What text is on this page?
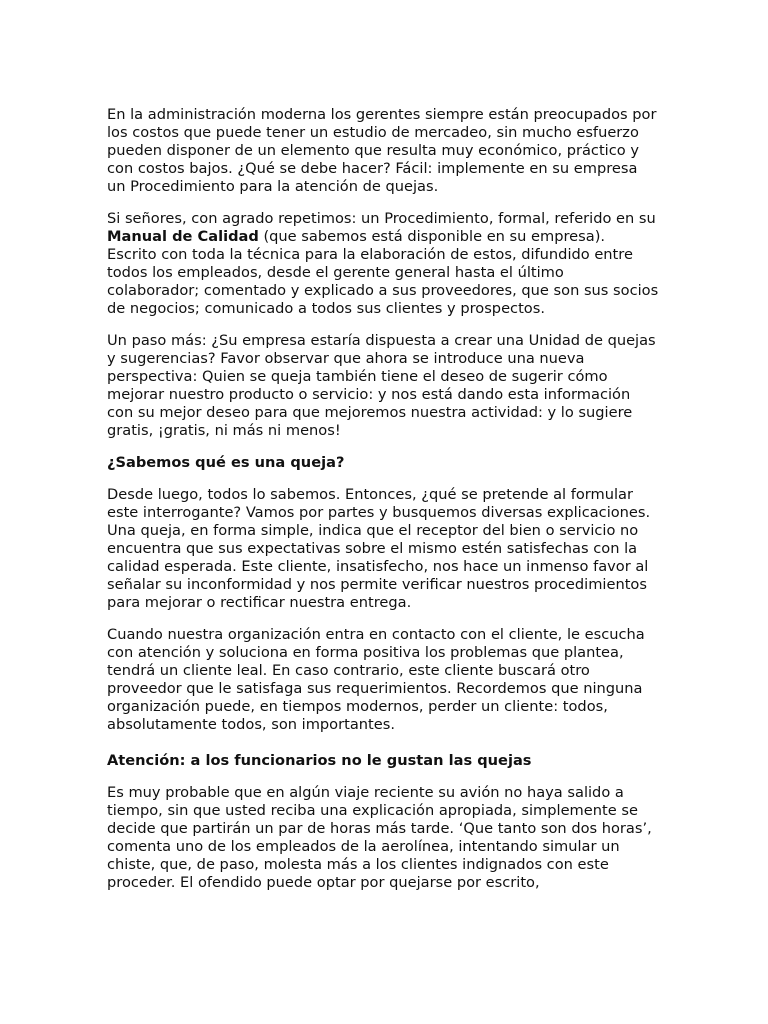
En la administración moderna los gerentes siempre están preocupados por los costos que puede tener un estudio de mercadeo, sin mucho esfuerzo pueden disponer de un elemento que resulta muy económico, práctico y con costos bajos. ¿Qué se debe hacer? Fácil: implemente en su empresa un Procedimiento para la atención de quejas.

Si señores, con agrado repetimos: un Procedimiento, formal, referido en su Manual de Calidad (que sabemos está disponible en su empresa). Escrito con toda la técnica para la elaboración de estos, difundido entre todos los empleados, desde el gerente general hasta el último colaborador; comentado y explicado a sus proveedores, que son sus socios de negocios; comunicado a todos sus clientes y prospectos.

Un paso más: ¿Su empresa estaría dispuesta a crear una Unidad de quejas y sugerencias? Favor observar que ahora se introduce una nueva perspectiva: Quien se queja también tiene el deseo de sugerir cómo mejorar nuestro producto o servicio: y nos está dando esta información con su mejor deseo para que mejoremos nuestra actividad: y lo sugiere gratis, ¡gratis, ni más ni menos!

¿Sabemos qué es una queja?

Desde luego, todos lo sabemos. Entonces, ¿qué se pretende al formular este interrogante? Vamos por partes y busquemos diversas explicaciones. Una queja, en forma simple, indica que el receptor del bien o servicio no encuentra que sus expectativas sobre el mismo estén satisfechas con la calidad esperada. Este cliente, insatisfecho, nos hace un inmenso favor al señalar su inconformidad y nos permite verificar nuestros procedimientos para mejorar o rectificar nuestra entrega.

Cuando nuestra organización entra en contacto con el cliente, le escucha con atención y soluciona en forma positiva los problemas que plantea, tendrá un cliente leal. En caso contrario, este cliente buscará otro proveedor que le satisfaga sus requerimientos. Recordemos que ninguna organización puede, en tiempos modernos, perder un cliente: todos, absolutamente todos, son importantes.

Atención: a los funcionarios no le gustan las quejas

Es muy probable que en algún viaje reciente su avión no haya salido a tiempo, sin que usted reciba una explicación apropiada, simplemente se decide que partirán un par de horas más tarde. ‘Que tanto son dos horas’, comenta uno de los empleados de la aerolínea, intentando simular un chiste, que, de paso, molesta más a los clientes indignados con este proceder. El ofendido puede optar por quejarse por escrito,
